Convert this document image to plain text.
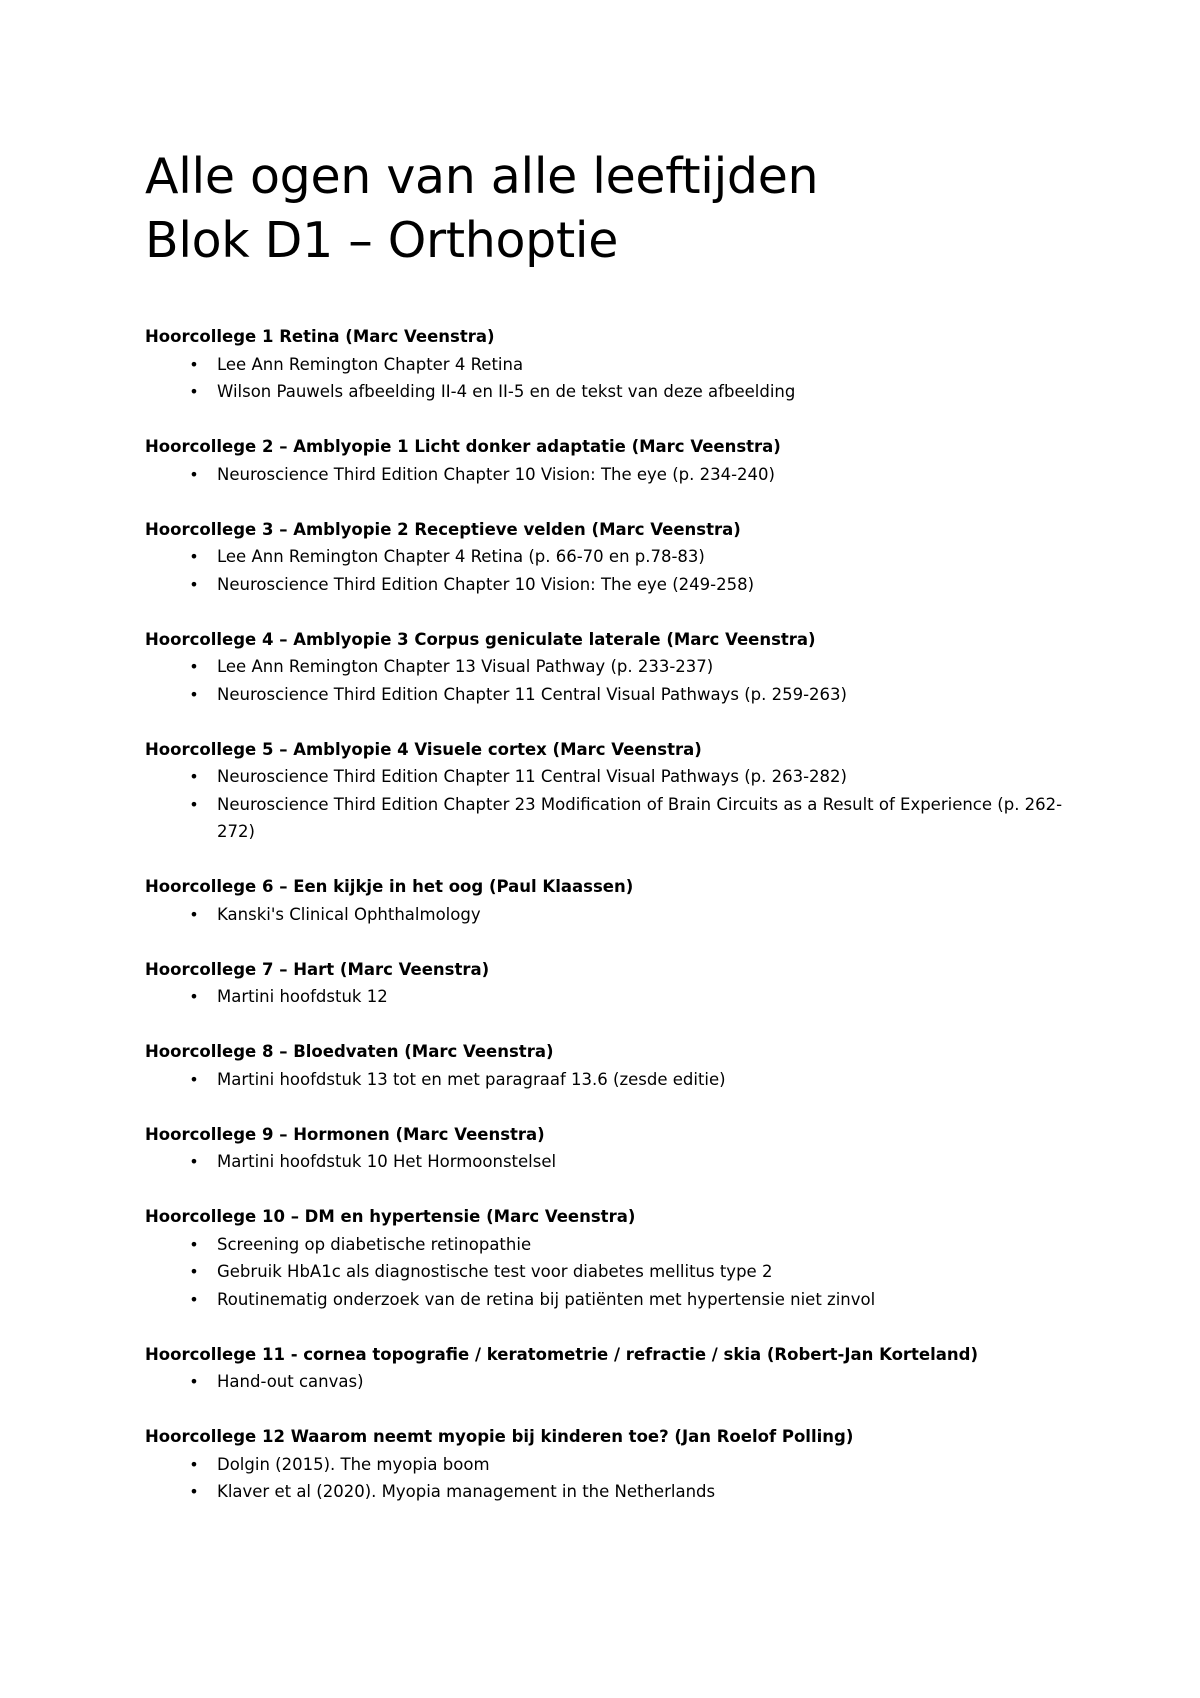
Alle ogen van alle leeftijden
Blok D1 – Orthoptie

Hoorcollege 1 Retina (Marc Veenstra)

• Lee Ann Remington Chapter 4 Retina
• Wilson Pauwels afbeelding II-4 en II-5 en de tekst van deze afbeelding

Hoorcollege 2 – Amblyopie 1 Licht donker adaptatie (Marc Veenstra)

• Neuroscience Third Edition Chapter 10 Vision: The eye (p. 234-240)

Hoorcollege 3 – Amblyopie 2 Receptieve velden (Marc Veenstra)

• Lee Ann Remington Chapter 4 Retina (p. 66-70 en p.78-83)
• Neuroscience Third Edition Chapter 10 Vision: The eye (249-258)

Hoorcollege 4 – Amblyopie 3 Corpus geniculate laterale (Marc Veenstra)

• Lee Ann Remington Chapter 13 Visual Pathway (p. 233-237)
• Neuroscience Third Edition Chapter 11 Central Visual Pathways (p. 259-263)

Hoorcollege 5 – Amblyopie 4 Visuele cortex (Marc Veenstra)

• Neuroscience Third Edition Chapter 11 Central Visual Pathways (p. 263-282)
• Neuroscience Third Edition Chapter 23 Modification of Brain Circuits as a Result of Experience (p. 262-272)

Hoorcollege 6 – Een kijkje in het oog (Paul Klaassen)

• Kanski's Clinical Ophthalmology

Hoorcollege 7 – Hart (Marc Veenstra)

• Martini hoofdstuk 12

Hoorcollege 8 – Bloedvaten (Marc Veenstra)

• Martini hoofdstuk 13 tot en met paragraaf 13.6 (zesde editie)

Hoorcollege 9 – Hormonen (Marc Veenstra)

• Martini hoofdstuk 10 Het Hormoonstelsel

Hoorcollege 10 – DM en hypertensie (Marc Veenstra)

• Screening op diabetische retinopathie
• Gebruik HbA1c als diagnostische test voor diabetes mellitus type 2
• Routinematig onderzoek van de retina bij patiënten met hypertensie niet zinvol

Hoorcollege 11 - cornea topografie / keratometrie / refractie / skia (Robert-Jan Korteland)

• Hand-out canvas)

Hoorcollege 12 Waarom neemt myopie bij kinderen toe? (Jan Roelof Polling)

• Dolgin (2015). The myopia boom
• Klaver et al (2020). Myopia management in the Netherlands
